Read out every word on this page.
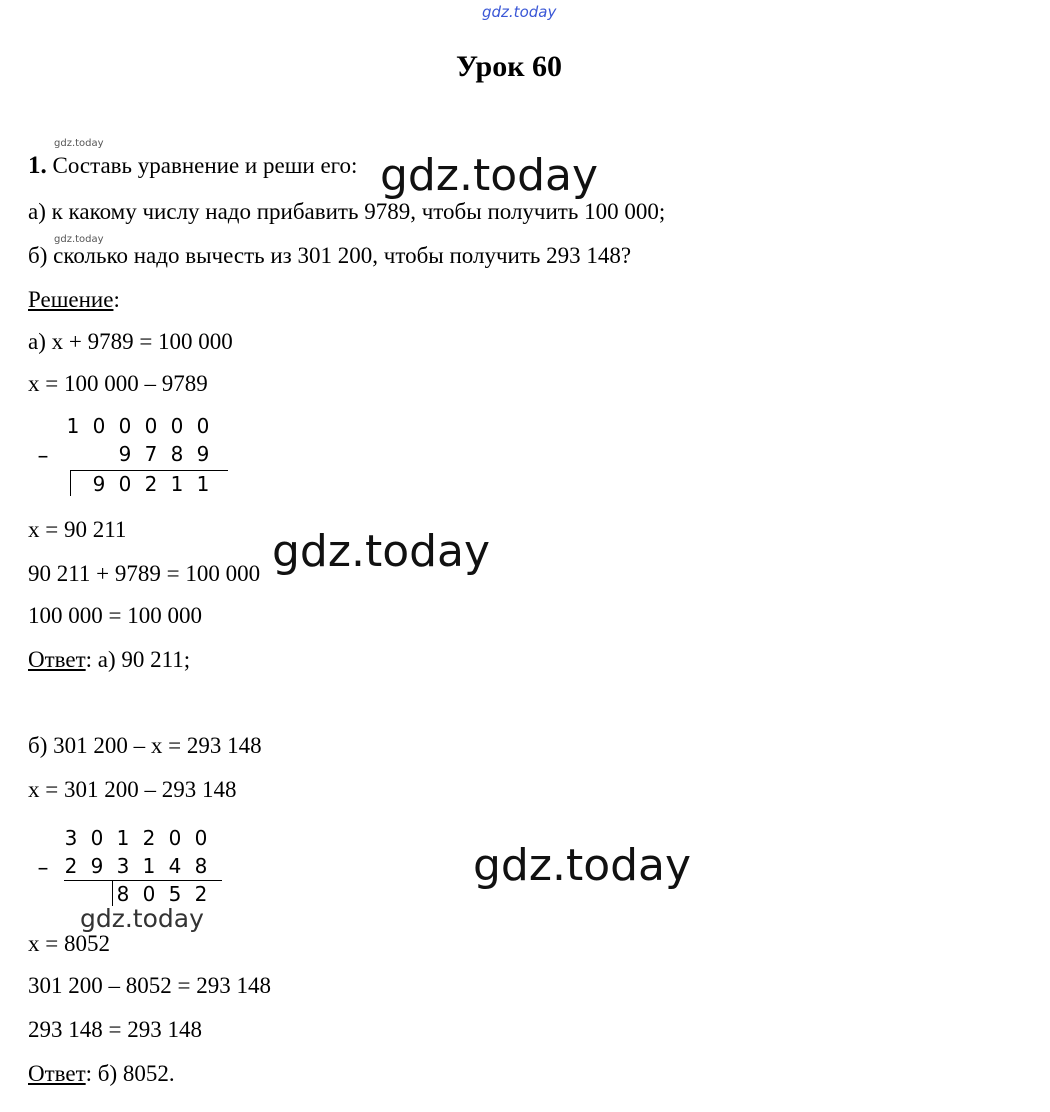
gdz.today
gdz.today
gdz.today
gdz.today
gdz.today
gdz.today
gdz.today
Урок 60
1. Составь уравнение и реши его:
а) к какому числу надо прибавить 9789, чтобы получить 100 000;
б) сколько надо вычесть из 301 200, чтобы получить 293 148?
Решение:
а) x + 9789 = 100 000
x = 100 000 – 9789
1 0 0 0 0 0
–	9 7 8 9
9 0 2 1 1
x = 90 211
90 211 + 9789 = 100 000
100 000 = 100 000
Ответ: а) 90 211;
б) 301 200 – x = 293 148
x = 301 200 – 293 148
3 0 1 2 0 0
– 2 9 3 1 4 8
8 0 5 2
x = 8052
301 200 – 8052 = 293 148
293 148 = 293 148
Ответ: б) 8052.
